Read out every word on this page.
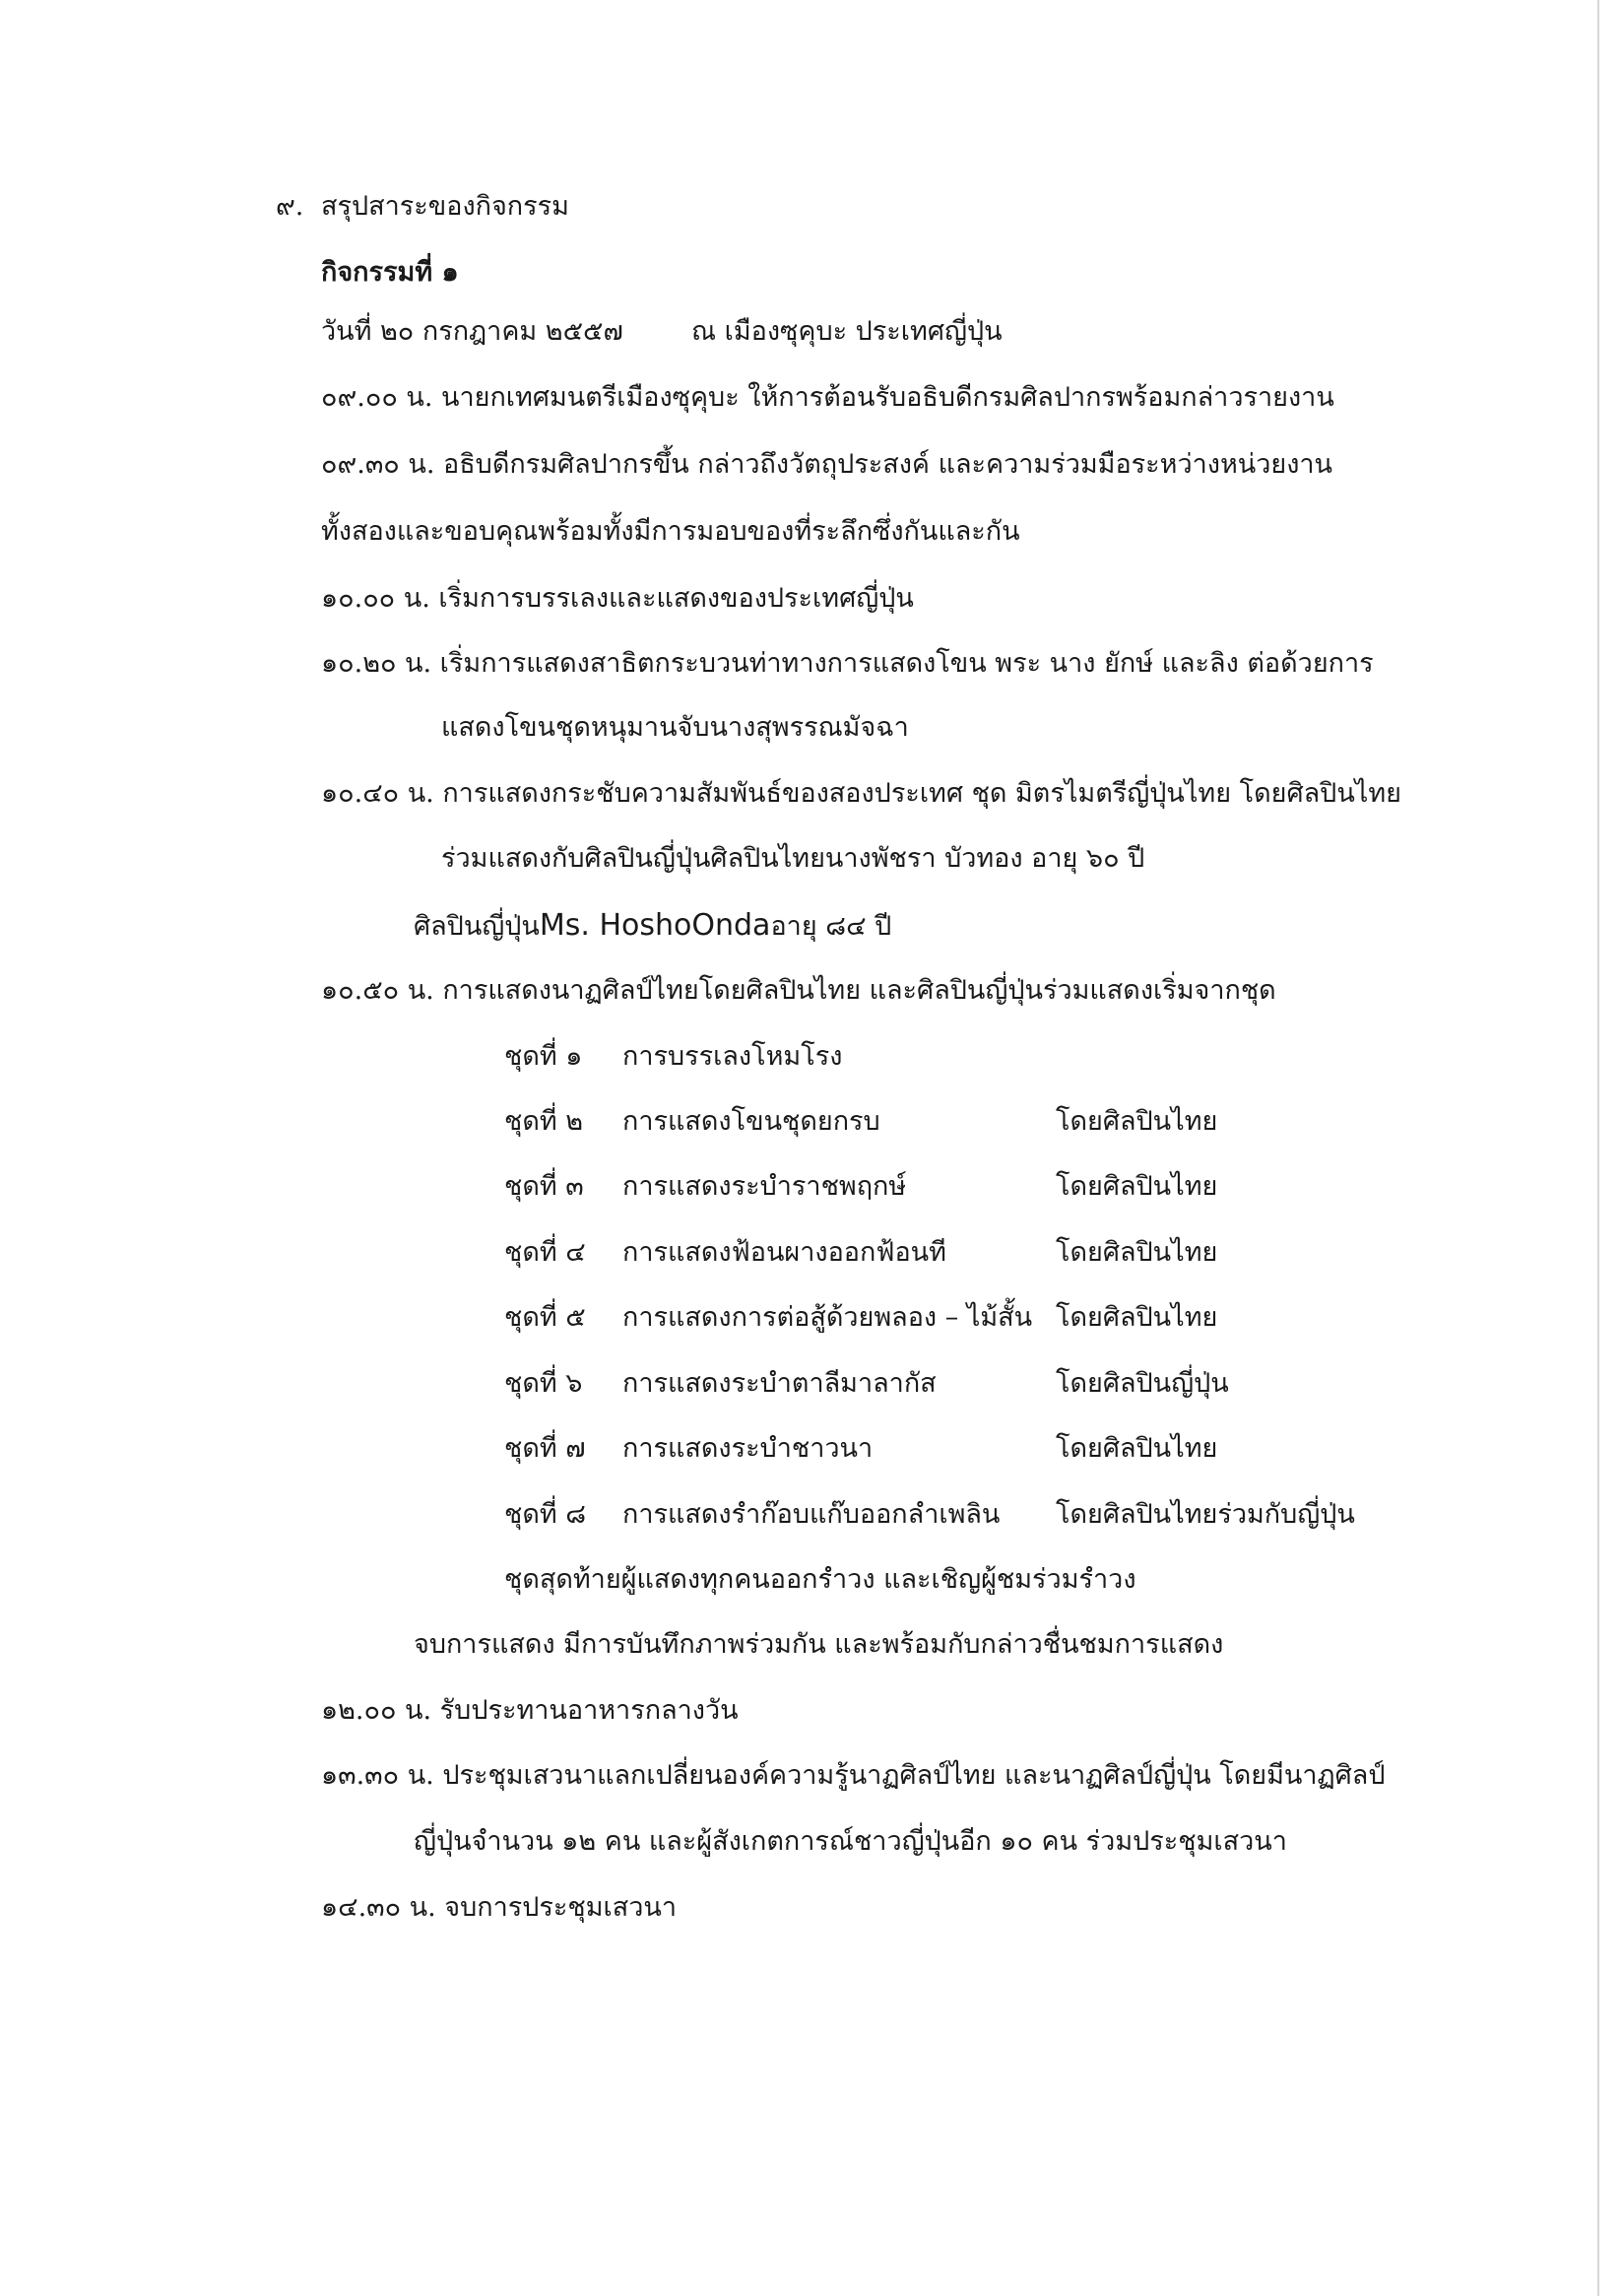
๙. สรุปสาระของกิจกรรม
กิจกรรมที่ ๑
วันที่ ๒๐ กรกฎาคม ๒๕๕๗	ณ เมืองซุคุบะ ประเทศญี่ปุ่น
๐๙.๐๐ น. นายกเทศมนตรีเมืองซุคุบะ ให้การต้อนรับอธิบดีกรมศิลปากรพร้อมกล่าวรายงาน
๐๙.๓๐ น. อธิบดีกรมศิลปากรขึ้น กล่าวถึงวัตถุประสงค์ และความร่วมมือระหว่างหน่วยงาน
ทั้งสองและขอบคุณพร้อมทั้งมีการมอบของที่ระลึกซึ่งกันและกัน
๑๐.๐๐ น. เริ่มการบรรเลงและแสดงของประเทศญี่ปุ่น
๑๐.๒๐ น. เริ่มการแสดงสาธิตกระบวนท่าทางการแสดงโขน พระ นาง ยักษ์ และลิง ต่อด้วยการ
แสดงโขนชุดหนุมานจับนางสุพรรณมัจฉา
๑๐.๔๐ น. การแสดงกระชับความสัมพันธ์ของสองประเทศ ชุด มิตรไมตรีญี่ปุ่นไทย โดยศิลปินไทย
ร่วมแสดงกับศิลปินญี่ปุ่นศิลปินไทยนางพัชรา บัวทอง อายุ ๖๐ ปี
ศิลปินญี่ปุ่นMs. HoshoOndaอายุ ๘๔ ปี
๑๐.๕๐ น. การแสดงนาฏศิลป์ไทยโดยศิลปินไทย และศิลปินญี่ปุ่นร่วมแสดงเริ่มจากชุด
ชุดที่ ๑ การบรรเลงโหมโรง
ชุดที่ ๒ การแสดงโขนชุดยกรบ	โดยศิลปินไทย
ชุดที่ ๓ การแสดงระบำราชพฤกษ์	โดยศิลปินไทย
ชุดที่ ๔ การแสดงฟ้อนผางออกฟ้อนที	โดยศิลปินไทย
ชุดที่ ๕ การแสดงการต่อสู้ด้วยพลอง – ไม้สั้น โดยศิลปินไทย
ชุดที่ ๖ การแสดงระบำตาลีมาลากัส	โดยศิลปินญี่ปุ่น
ชุดที่ ๗ การแสดงระบำชาวนา	โดยศิลปินไทย
ชุดที่ ๘ การแสดงรำก๊อบแก๊บออกลำเพลิน โดยศิลปินไทยร่วมกับญี่ปุ่น
ชุดสุดท้ายผู้แสดงทุกคนออกรำวง และเชิญผู้ชมร่วมรำวง
จบการแสดง มีการบันทึกภาพร่วมกัน และพร้อมกับกล่าวชื่นชมการแสดง
๑๒.๐๐ น. รับประทานอาหารกลางวัน
๑๓.๓๐ น. ประชุมเสวนาแลกเปลี่ยนองค์ความรู้นาฏศิลป์ไทย และนาฏศิลป์ญี่ปุ่น โดยมีนาฏศิลป์
ญี่ปุ่นจำนวน ๑๒ คน และผู้สังเกตการณ์ชาวญี่ปุ่นอีก ๑๐ คน ร่วมประชุมเสวนา
๑๔.๓๐ น. จบการประชุมเสวนา
